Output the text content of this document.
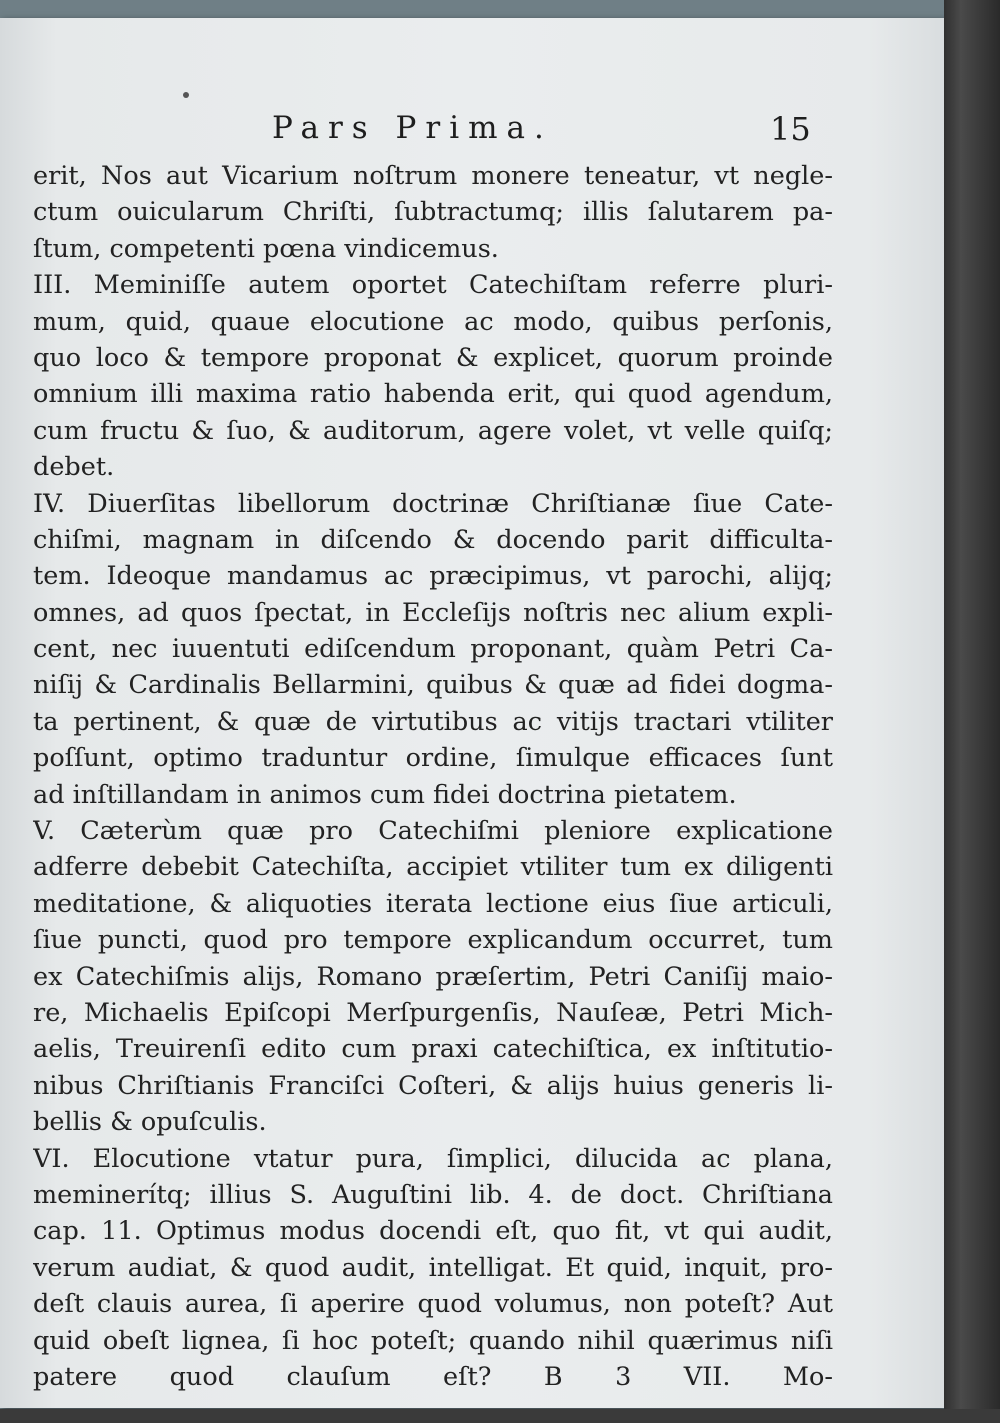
Pars Prima.	15
erit, Nos aut Vicarium noſtrum monere teneatur, vt negle-
ctum ouicularum Chriſti, ſubtractumq; illis ſalutarem pa-
ſtum, competenti pœna vindicemus.
III. Meminiſſe autem oportet Catechiſtam referre pluri-
mum, quid, quaue elocutione ac modo, quibus perſonis,
quo loco & tempore proponat & explicet, quorum proinde
omnium illi maxima ratio habenda erit, qui quod agendum,
cum fructu & ſuo, & auditorum, agere volet, vt velle quiſq;
debet.
IV. Diuerſitas libellorum doctrinæ Chriſtianæ ſiue Cate-
chiſmi, magnam in diſcendo & docendo parit difficulta-
tem. Ideoque mandamus ac præcipimus, vt parochi, alijq;
omnes, ad quos ſpectat, in Eccleſijs noſtris nec alium expli-
cent, nec iuuentuti ediſcendum proponant, quàm Petri Ca-
niſij & Cardinalis Bellarmini, quibus & quæ ad fidei dogma-
ta pertinent, & quæ de virtutibus ac vitijs tractari vtiliter
poſſunt, optimo traduntur ordine, ſimulque efficaces ſunt
ad inſtillandam in animos cum fidei doctrina pietatem.
V. Cæterùm quæ pro Catechiſmi pleniore explicatione
adferre debebit Catechiſta, accipiet vtiliter tum ex diligenti
meditatione, & aliquoties iterata lectione eius ſiue articuli,
ſiue puncti, quod pro tempore explicandum occurret, tum
ex Catechiſmis alijs, Romano præſertim, Petri Caniſij maio-
re, Michaelis Epiſcopi Merſpurgenſis, Nauſeæ, Petri Mich-
aelis, Treuirenſi edito cum praxi catechiſtica, ex inſtitutio-
nibus Chriſtianis Franciſci Coſteri, & alijs huius generis li-
bellis & opuſculis.
VI. Elocutione vtatur pura, ſimplici, dilucida ac plana,
meminerítq; illius S. Auguſtini lib. 4. de doct. Chriſtiana
cap. 11. Optimus modus docendi eſt, quo fit, vt qui audit,
verum audiat, & quod audit, intelligat. Et quid, inquit, pro-
deſt clauis aurea, ſi aperire quod volumus, non poteſt? Aut
quid obeſt lignea, ſi hoc poteſt; quando nihil quærimus niſi
patere quod clauſum eſt? B 3 VII. Mo-
